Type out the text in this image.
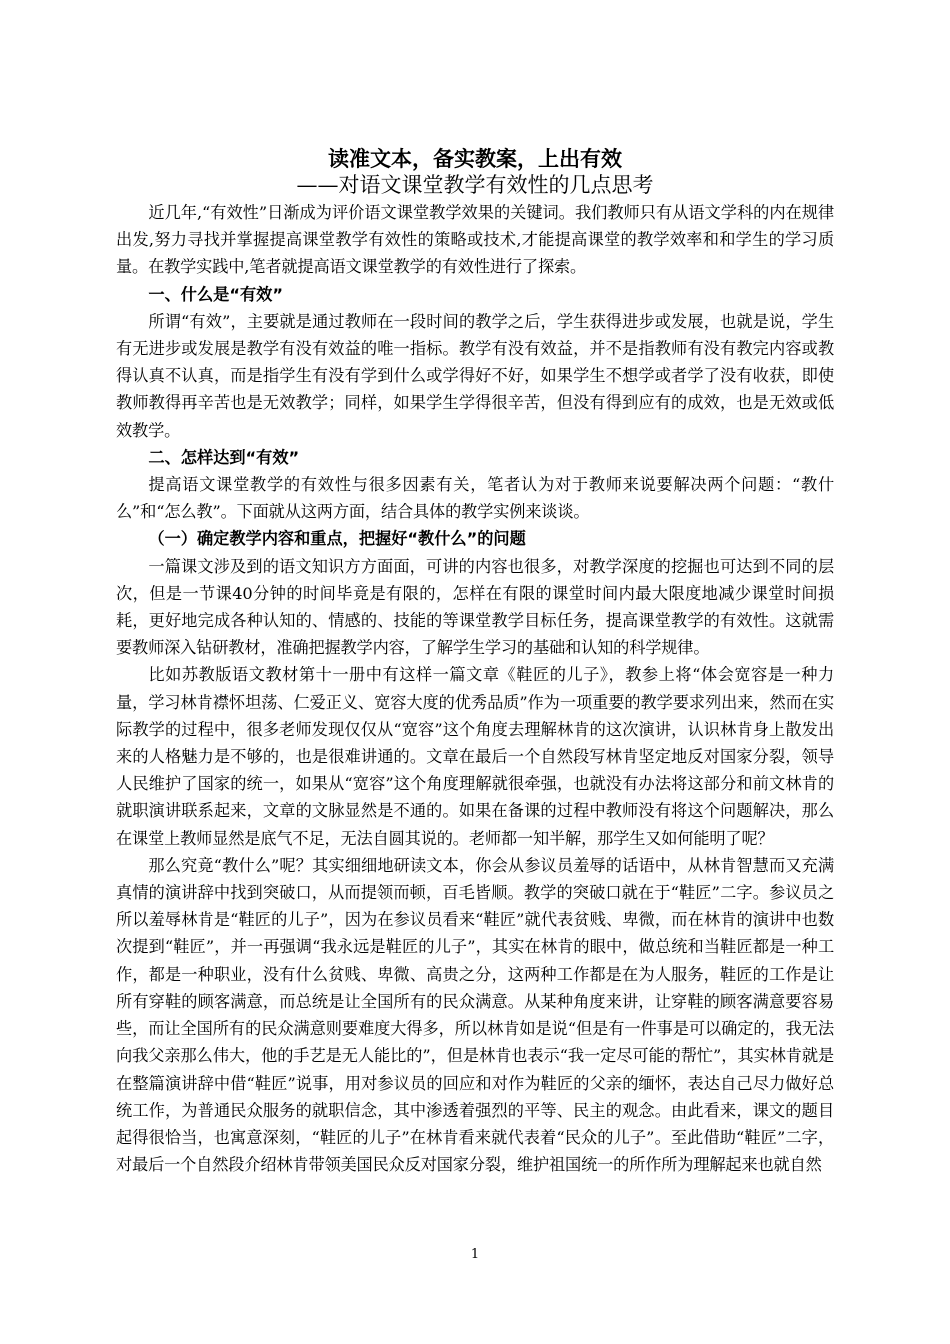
读准文本，备实教案，上出有效
——对语文课堂教学有效性的几点思考

近几年,“有效性”日渐成为评价语文课堂教学效果的关键词。我们教师只有从语文学科的内在规律出发,努力寻找并掌握提高课堂教学有效性的策略或技术,才能提高课堂的教学效率和和学生的学习质量。在教学实践中,笔者就提高语文课堂教学的有效性进行了探索。

一、什么是“有效”

所谓“有效”，主要就是通过教师在一段时间的教学之后，学生获得进步或发展，也就是说，学生有无进步或发展是教学有没有效益的唯一指标。教学有没有效益，并不是指教师有没有教完内容或教得认真不认真，而是指学生有没有学到什么或学得好不好，如果学生不想学或者学了没有收获，即使教师教得再辛苦也是无效教学；同样，如果学生学得很辛苦，但没有得到应有的成效，也是无效或低效教学。

二、怎样达到“有效”

提高语文课堂教学的有效性与很多因素有关，笔者认为对于教师来说要解决两个问题：“教什么”和“怎么教”。下面就从这两方面，结合具体的教学实例来谈谈。

（一）确定教学内容和重点，把握好“教什么”的问题

一篇课文涉及到的语文知识方方面面，可讲的内容也很多，对教学深度的挖掘也可达到不同的层次，但是一节课40分钟的时间毕竟是有限的，怎样在有限的课堂时间内最大限度地减少课堂时间损耗，更好地完成各种认知的、情感的、技能的等课堂教学目标任务，提高课堂教学的有效性。这就需要教师深入钻研教材，准确把握教学内容，了解学生学习的基础和认知的科学规律。

比如苏教版语文教材第十一册中有这样一篇文章《鞋匠的儿子》，教参上将“体会宽容是一种力量，学习林肯襟怀坦荡、仁爱正义、宽容大度的优秀品质”作为一项重要的教学要求列出来，然而在实际教学的过程中，很多老师发现仅仅从“宽容”这个角度去理解林肯的这次演讲，认识林肯身上散发出来的人格魅力是不够的，也是很难讲通的。文章在最后一个自然段写林肯坚定地反对国家分裂，领导人民维护了国家的统一，如果从“宽容”这个角度理解就很牵强，也就没有办法将这部分和前文林肯的就职演讲联系起来，文章的文脉显然是不通的。如果在备课的过程中教师没有将这个问题解决，那么在课堂上教师显然是底气不足，无法自圆其说的。老师都一知半解，那学生又如何能明了呢？

那么究竟“教什么”呢？其实细细地研读文本，你会从参议员羞辱的话语中，从林肯智慧而又充满真情的演讲辞中找到突破口，从而提领而顿，百毛皆顺。教学的突破口就在于“鞋匠”二字。参议员之所以羞辱林肯是“鞋匠的儿子”，因为在参议员看来“鞋匠”就代表贫贱、卑微，而在林肯的演讲中也数次提到“鞋匠”，并一再强调“我永远是鞋匠的儿子”，其实在林肯的眼中，做总统和当鞋匠都是一种工作，都是一种职业，没有什么贫贱、卑微、高贵之分，这两种工作都是在为人服务，鞋匠的工作是让所有穿鞋的顾客满意，而总统是让全国所有的民众满意。从某种角度来讲，让穿鞋的顾客满意要容易些，而让全国所有的民众满意则要难度大得多，所以林肯如是说“但是有一件事是可以确定的，我无法向我父亲那么伟大，他的手艺是无人能比的”，但是林肯也表示“我一定尽可能的帮忙”，其实林肯就是在整篇演讲辞中借“鞋匠”说事，用对参议员的回应和对作为鞋匠的父亲的缅怀，表达自己尽力做好总统工作，为普通民众服务的就职信念，其中渗透着强烈的平等、民主的观念。由此看来，课文的题目起得很恰当，也寓意深刻，“鞋匠的儿子”在林肯看来就代表着“民众的儿子”。至此借助“鞋匠”二字，对最后一个自然段介绍林肯带领美国民众反对国家分裂，维护祖国统一的所作所为理解起来也就自然

1
